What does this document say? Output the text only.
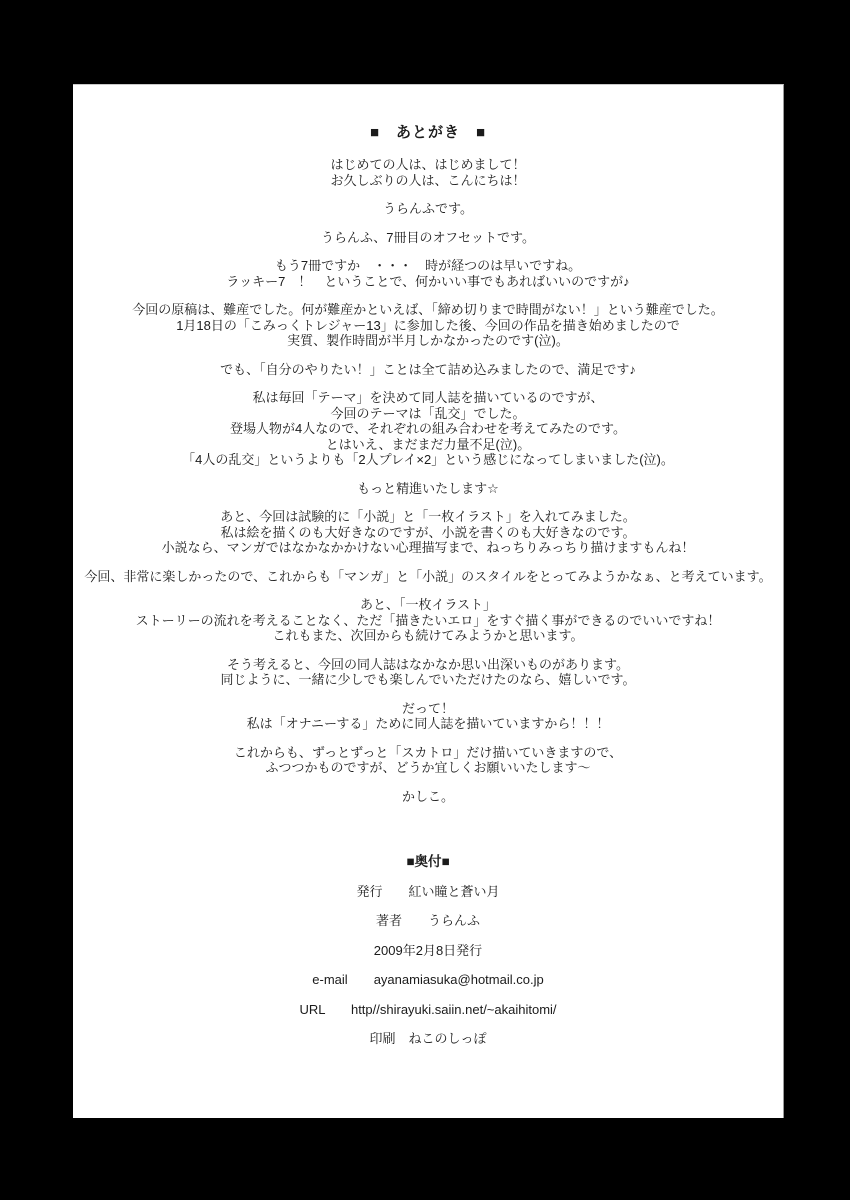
■　あとがき　■

はじめての人は、はじめまして！
お久しぶりの人は、こんにちは！

うらんふです。

うらんふ、7冊目のオフセットです。

もう7冊ですか　・・・　時が経つのは早いですね。
ラッキー7　！　ということで、何かいい事でもあればいいのですが♪

今回の原稿は、難産でした。何が難産かといえば、「締め切りまで時間がない！」という難産でした。
1月18日の「こみっくトレジャー13」に参加した後、今回の作品を描き始めましたので
実質、製作時間が半月しかなかったのです(泣)。

でも、「自分のやりたい！」ことは全て詰め込みましたので、満足です♪

私は毎回「テーマ」を決めて同人誌を描いているのですが、
今回のテーマは「乱交」でした。
登場人物が4人なので、それぞれの組み合わせを考えてみたのです。
とはいえ、まだまだ力量不足(泣)。
「4人の乱交」というよりも「2人プレイ×2」という感じになってしまいました(泣)。

もっと精進いたします☆

あと、今回は試験的に「小説」と「一枚イラスト」を入れてみました。
私は絵を描くのも大好きなのですが、小説を書くのも大好きなのです。
小説なら、マンガではなかなかかけない心理描写まで、ねっちりみっちり描けますもんね！

今回、非常に楽しかったので、これからも「マンガ」と「小説」のスタイルをとってみようかなぁ、と考えています。

あと、「一枚イラスト」
ストーリーの流れを考えることなく、ただ「描きたいエロ」をすぐ描く事ができるのでいいですね！
これもまた、次回からも続けてみようかと思います。

そう考えると、今回の同人誌はなかなか思い出深いものがあります。
同じように、一緒に少しでも楽しんでいただけたのなら、嬉しいです。

だって！
私は「オナニーする」ために同人誌を描いていますから！！！

これからも、ずっとずっと「スカトロ」だけ描いていきますので、
ふつつかものですが、どうか宜しくお願いいたします～

かしこ。

■奥付■
発行　　紅い瞳と蒼い月
著者　　うらんふ
2009年2月8日発行
e-mail　　ayanamiasuka@hotmail.co.jp
URL　　http//shirayuki.saiin.net/~akaihitomi/
印刷　ねこのしっぽ
